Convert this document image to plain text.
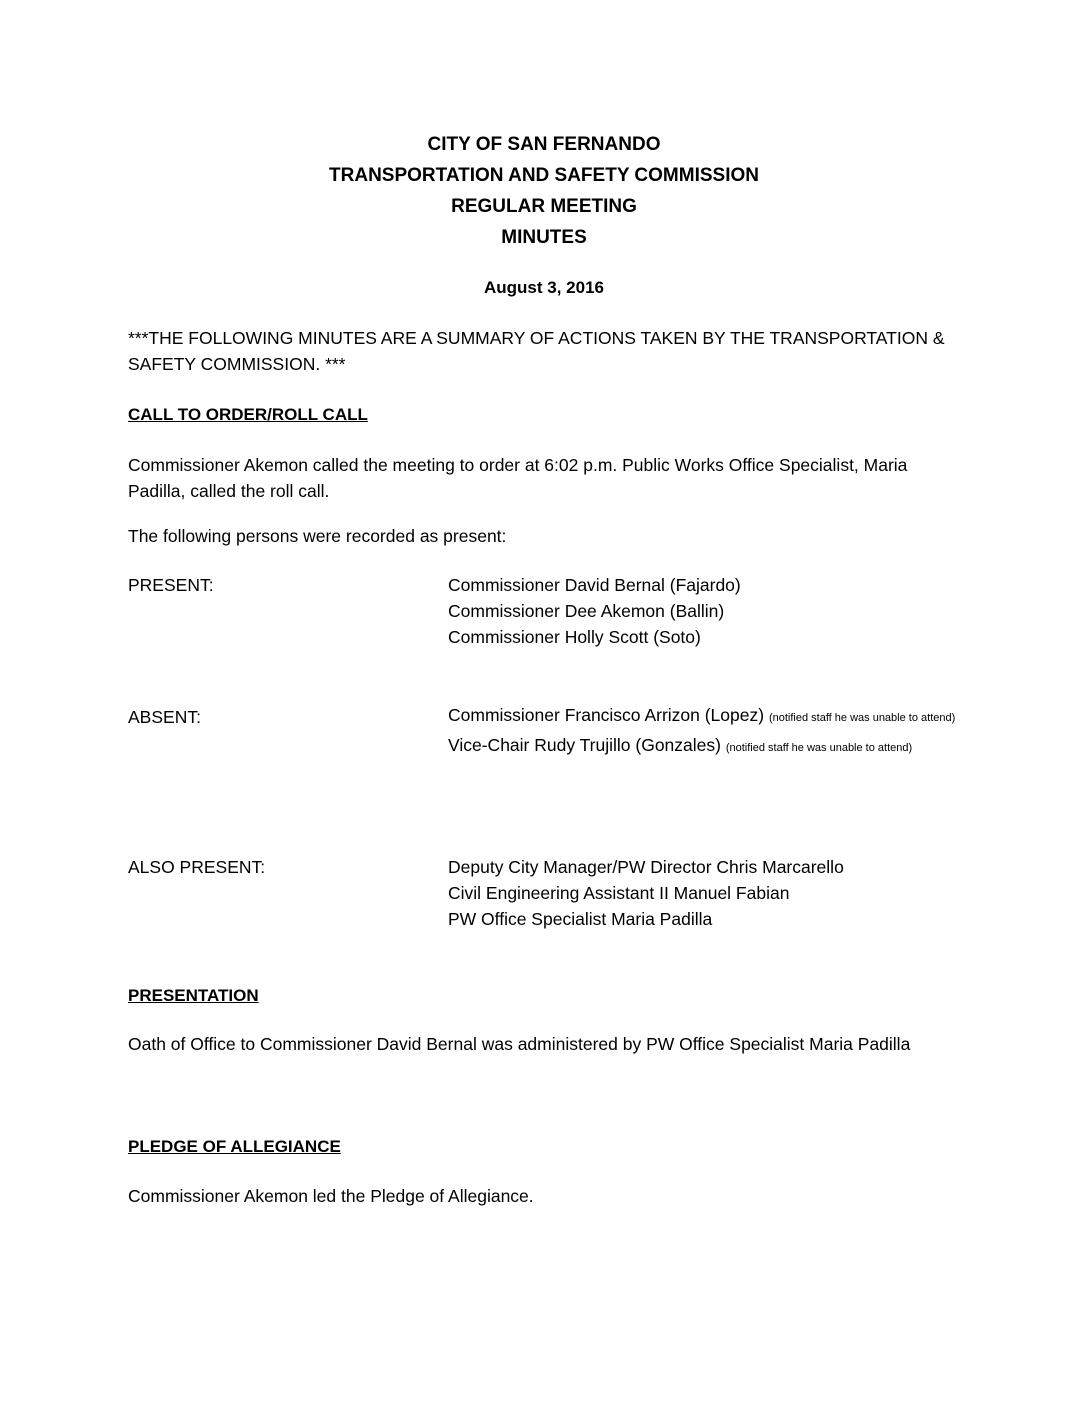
CITY OF SAN FERNANDO
TRANSPORTATION AND SAFETY COMMISSION
REGULAR MEETING
MINUTES
August 3, 2016
***THE FOLLOWING MINUTES ARE A SUMMARY OF ACTIONS TAKEN BY THE TRANSPORTATION & SAFETY COMMISSION. ***
CALL TO ORDER/ROLL CALL
Commissioner Akemon called the meeting to order at 6:02 p.m. Public Works Office Specialist, Maria Padilla, called the roll call.
The following persons were recorded as present:
PRESENT:	Commissioner David Bernal (Fajardo)
Commissioner Dee Akemon (Ballin)
Commissioner Holly Scott (Soto)
ABSENT:	Commissioner Francisco Arrizon (Lopez) (notified staff he was unable to attend)
Vice-Chair Rudy Trujillo (Gonzales) (notified staff he was unable to attend)
ALSO PRESENT:	Deputy City Manager/PW Director Chris Marcarello
Civil Engineering Assistant II Manuel Fabian
PW Office Specialist Maria Padilla
PRESENTATION
Oath of Office to Commissioner David Bernal was administered by PW Office Specialist Maria Padilla
PLEDGE OF ALLEGIANCE
Commissioner Akemon led the Pledge of Allegiance.
